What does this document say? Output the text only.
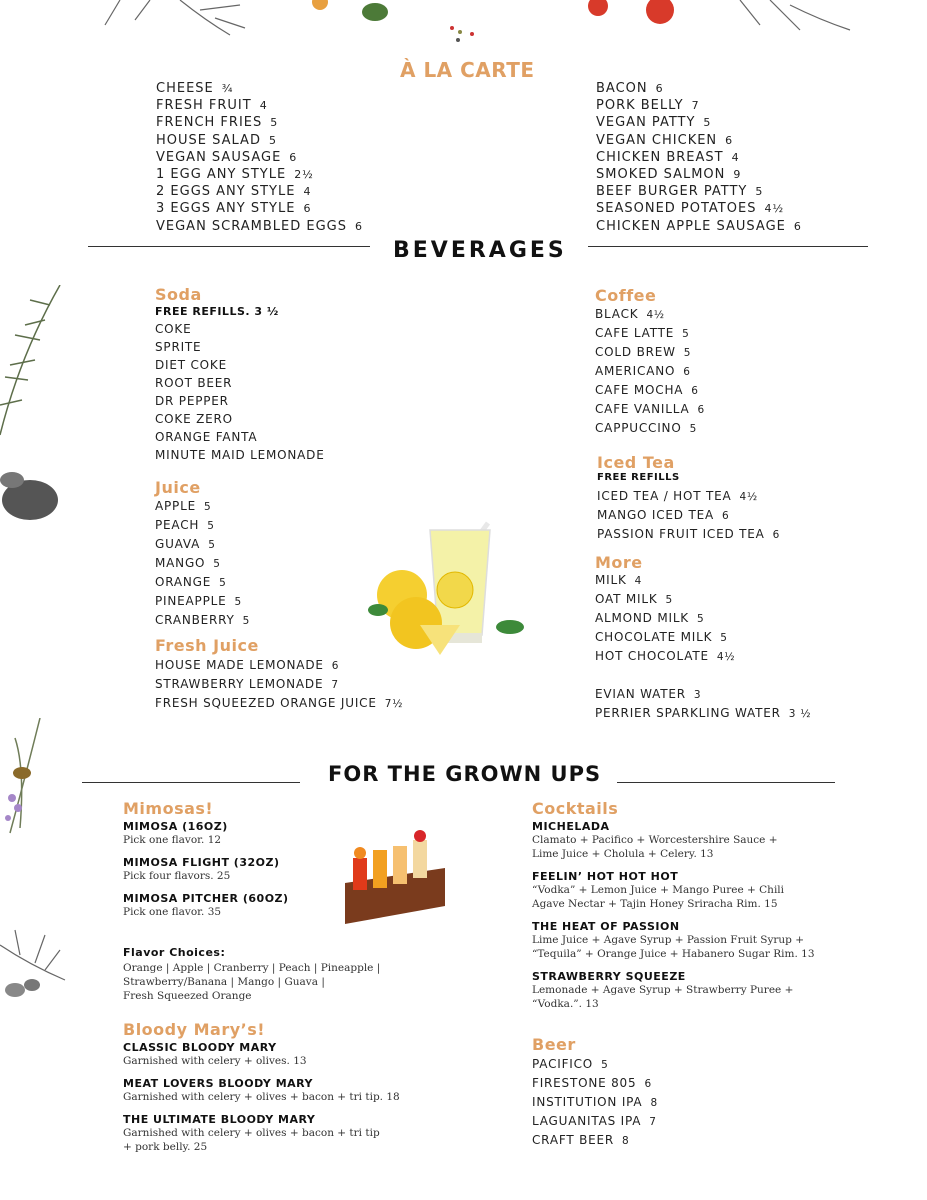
À LA CARTE
CHEESE ¾
FRESH FRUIT 4
FRENCH FRIES 5
HOUSE SALAD 5
VEGAN SAUSAGE 6
1 EGG ANY STYLE 2½
2 EGGS ANY STYLE 4
3 EGGS ANY STYLE 6
VEGAN SCRAMBLED EGGS 6
BACON 6
PORK BELLY 7
VEGAN PATTY 5
VEGAN CHICKEN 6
CHICKEN BREAST 4
SMOKED SALMON 9
BEEF BURGER PATTY 5
SEASONED POTATOES 4½
CHICKEN APPLE SAUSAGE 6
BEVERAGES
Soda
FREE REFILLS. 3 ½
COKE
SPRITE
DIET COKE
ROOT BEER
DR PEPPER
COKE ZERO
ORANGE FANTA
MINUTE MAID LEMONADE
Juice
APPLE 5
PEACH 5
GUAVA 5
MANGO 5
ORANGE 5
PINEAPPLE 5
CRANBERRY 5
Fresh Juice
HOUSE MADE LEMONADE 6
STRAWBERRY LEMONADE 7
FRESH SQUEEZED ORANGE JUICE 7½
Coffee
BLACK 4½
CAFE LATTE 5
COLD BREW 5
AMERICANO 6
CAFE MOCHA 6
CAFE VANILLA 6
CAPPUCCINO 5
Iced Tea
FREE REFILLS
ICED TEA / HOT TEA 4½
MANGO ICED TEA 6
PASSION FRUIT ICED TEA 6
More
MILK 4
OAT MILK 5
ALMOND MILK 5
CHOCOLATE MILK 5
HOT CHOCOLATE 4½
EVIAN WATER 3
PERRIER SPARKLING WATER 3 ½
FOR THE GROWN UPS
Mimosas!
MIMOSA (16OZ)
Pick one flavor. 12
MIMOSA FLIGHT (32OZ)
Pick four flavors. 25
MIMOSA PITCHER (60OZ)
Pick one flavor. 35
Flavor Choices:
Orange | Apple | Cranberry | Peach | Pineapple |
Strawberry/Banana | Mango | Guava |
Fresh Squeezed Orange
Bloody Mary’s!
CLASSIC BLOODY MARY
Garnished with celery + olives. 13
MEAT LOVERS BLOODY MARY
Garnished with celery + olives + bacon + tri tip. 18
THE ULTIMATE BLOODY MARY
Garnished with celery + olives + bacon + tri tip
+ pork belly. 25
Cocktails
MICHELADA
Clamato + Pacifico + Worcestershire Sauce +
Lime Juice + Cholula + Celery. 13
FEELIN’ HOT HOT HOT
“Vodka” + Lemon Juice + Mango Puree + Chili
Agave Nectar + Tajin Honey Sriracha Rim. 15
THE HEAT OF PASSION
Lime Juice + Agave Syrup + Passion Fruit Syrup +
“Tequila” + Orange Juice + Habanero Sugar Rim. 13
STRAWBERRY SQUEEZE
Lemonade + Agave Syrup + Strawberry Puree +
“Vodka.”. 13
Beer
PACIFICO 5
FIRESTONE 805 6
INSTITUTION IPA 8
LAGUANITAS IPA 7
CRAFT BEER 8
